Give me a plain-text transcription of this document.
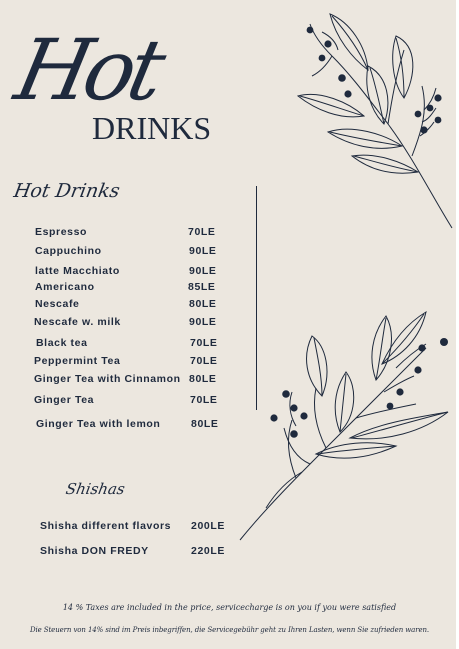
Hot
DRINKS
Hot Drinks
Espresso	70LE
Cappuchino	90LE
latte Macchiato	90LE
Americano	85LE
Nescafe	80LE
Nescafe w. milk	90LE
Black tea	70LE
Peppermint Tea	70LE
Ginger Tea with Cinnamon 80LE
Ginger Tea	70LE
Ginger Tea with lemon	80LE
Shishas
Shisha different flavors 200LE
Shisha DON FREDY	220LE
14 % Taxes are included in the price, servicecharge is on you if you were satisfied
Die Steuern von 14% sind im Preis inbegriffen, die Servicegebühr geht zu Ihren Lasten, wenn Sie zufrieden waren.
